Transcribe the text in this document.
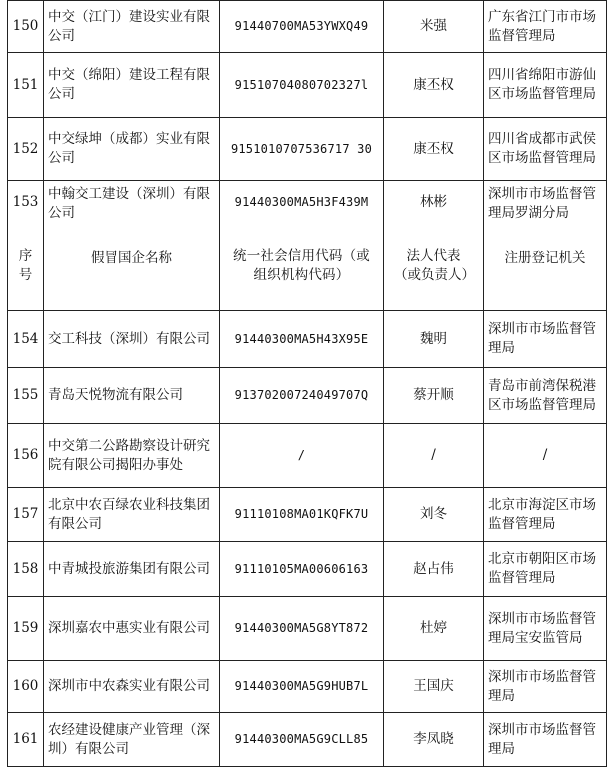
150	中交（江门）建设实业有限公司	91440700MA53YWXQ49	米强	广东省江门市市场监督管理局
151	中交（绵阳）建设工程有限公司	91510704080702327l	康丕权	四川省绵阳市游仙区市场监督管理局
152	中交绿坤（成都）实业有限公司	9151010707536717 30	康丕权	四川省成都市武侯区市场监督管理局
153	中翰交工建设（深圳）有限公司	91440300MA5H3F439M	林彬	深圳市市场监督管理局罗湖分局
序号	假冒国企名称	统一社会信用代码（或组织机构代码）	法人代表（或负责人）	注册登记机关
154	交工科技（深圳）有限公司	91440300MA5H43X95E	魏明	深圳市市场监督管理局
155	青岛天悦物流有限公司	91370200724049707Q	蔡开顺	青岛市前湾保税港区市场监督管理局
156	中交第二公路勘察设计研究院有限公司揭阳办事处	/	/	/
157	北京中农百绿农业科技集团有限公司	91110108MA01KQFK7U	刘冬	北京市海淀区市场监督管理局
158	中青城投旅游集团有限公司	91110105MA00606163	赵占伟	北京市朝阳区市场监督管理局
159	深圳嘉农中惠实业有限公司	91440300MA5G8YT872	杜婷	深圳市市场监督管理局宝安监管局
160	深圳市中农森实业有限公司	91440300MA5G9HUB7L	王国庆	深圳市市场监督管理局
161	农经建设健康产业管理（深圳）有限公司	91440300MA5G9CLL85	李凤晓	深圳市市场监督管理局
